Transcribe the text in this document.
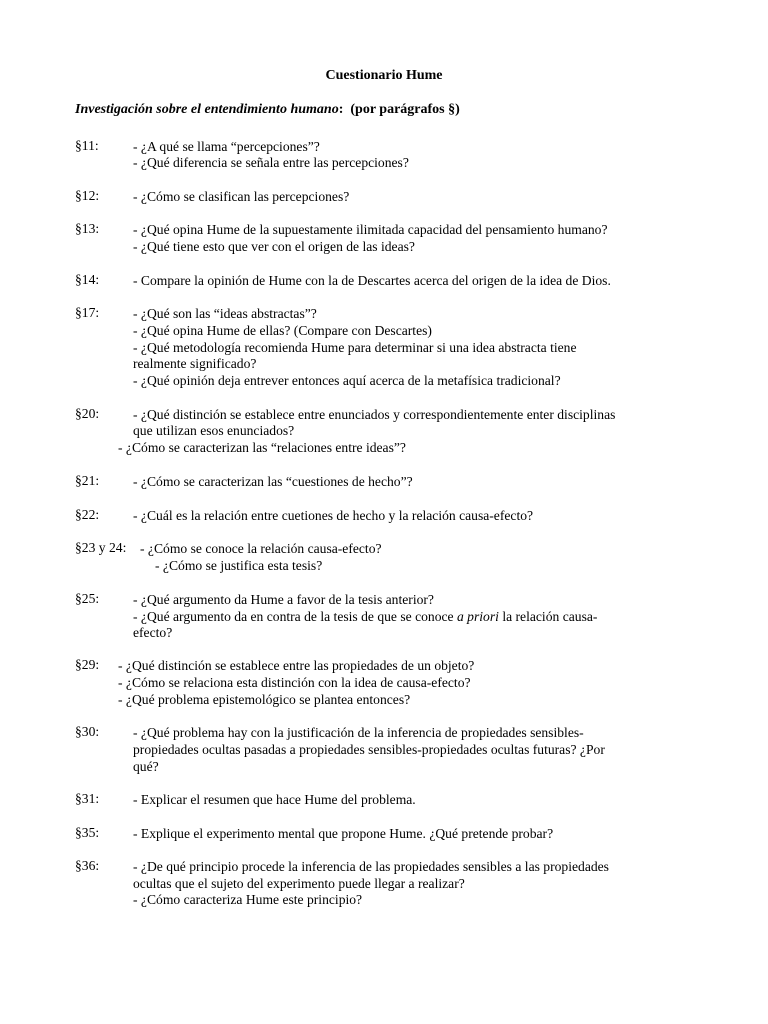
Cuestionario Hume
Investigación sobre el entendimiento humano: (por parágrafos §)
§11:	- ¿A qué se llama “percepciones”?
- ¿Qué diferencia se señala entre las percepciones?
§12: - ¿Cómo se clasifican las percepciones?
§13: - ¿Qué opina Hume de la supuestamente ilimitada capacidad del pensamiento humano?
- ¿Qué tiene esto que ver con el origen de las ideas?
§14: - Compare la opinión de Hume con la de Descartes acerca del origen de la idea de Dios.
§17: - ¿Qué son las “ideas abstractas”?
- ¿Qué opina Hume de ellas? (Compare con Descartes)
- ¿Qué metodología recomienda Hume para determinar si una idea abstracta tiene
realmente significado?
- ¿Qué opinión deja entrever entonces aquí acerca de la metafísica tradicional?
§20: - ¿Qué distinción se establece entre enunciados y correspondientemente enter disciplinas
que utilizan esos enunciados?
- ¿Cómo se caracterizan las “relaciones entre ideas”?
§21: - ¿Cómo se caracterizan las “cuestiones de hecho”?
§22: - ¿Cuál es la relación entre cuetiones de hecho y la relación causa-efecto?
§23 y 24: - ¿Cómo se conoce la relación causa-efecto?
- ¿Cómo se justifica esta tesis?
§25: - ¿Qué argumento da Hume a favor de la tesis anterior?
- ¿Qué argumento da en contra de la tesis de que se conoce a priori la relación causa-
efecto?
§29: - ¿Qué distinción se establece entre las propiedades de un objeto?
- ¿Cómo se relaciona esta distinción con la idea de causa-efecto?
- ¿Qué problema epistemológico se plantea entonces?
§30: - ¿Qué problema hay con la justificación de la inferencia de propiedades sensibles-
propiedades ocultas pasadas a propiedades sensibles-propiedades ocultas futuras? ¿Por
qué?
§31: - Explicar el resumen que hace Hume del problema.
§35: - Explique el experimento mental que propone Hume. ¿Qué pretende probar?
§36: - ¿De qué principio procede la inferencia de las propiedades sensibles a las propiedades
ocultas que el sujeto del experimento puede llegar a realizar?
- ¿Cómo caracteriza Hume este principio?
